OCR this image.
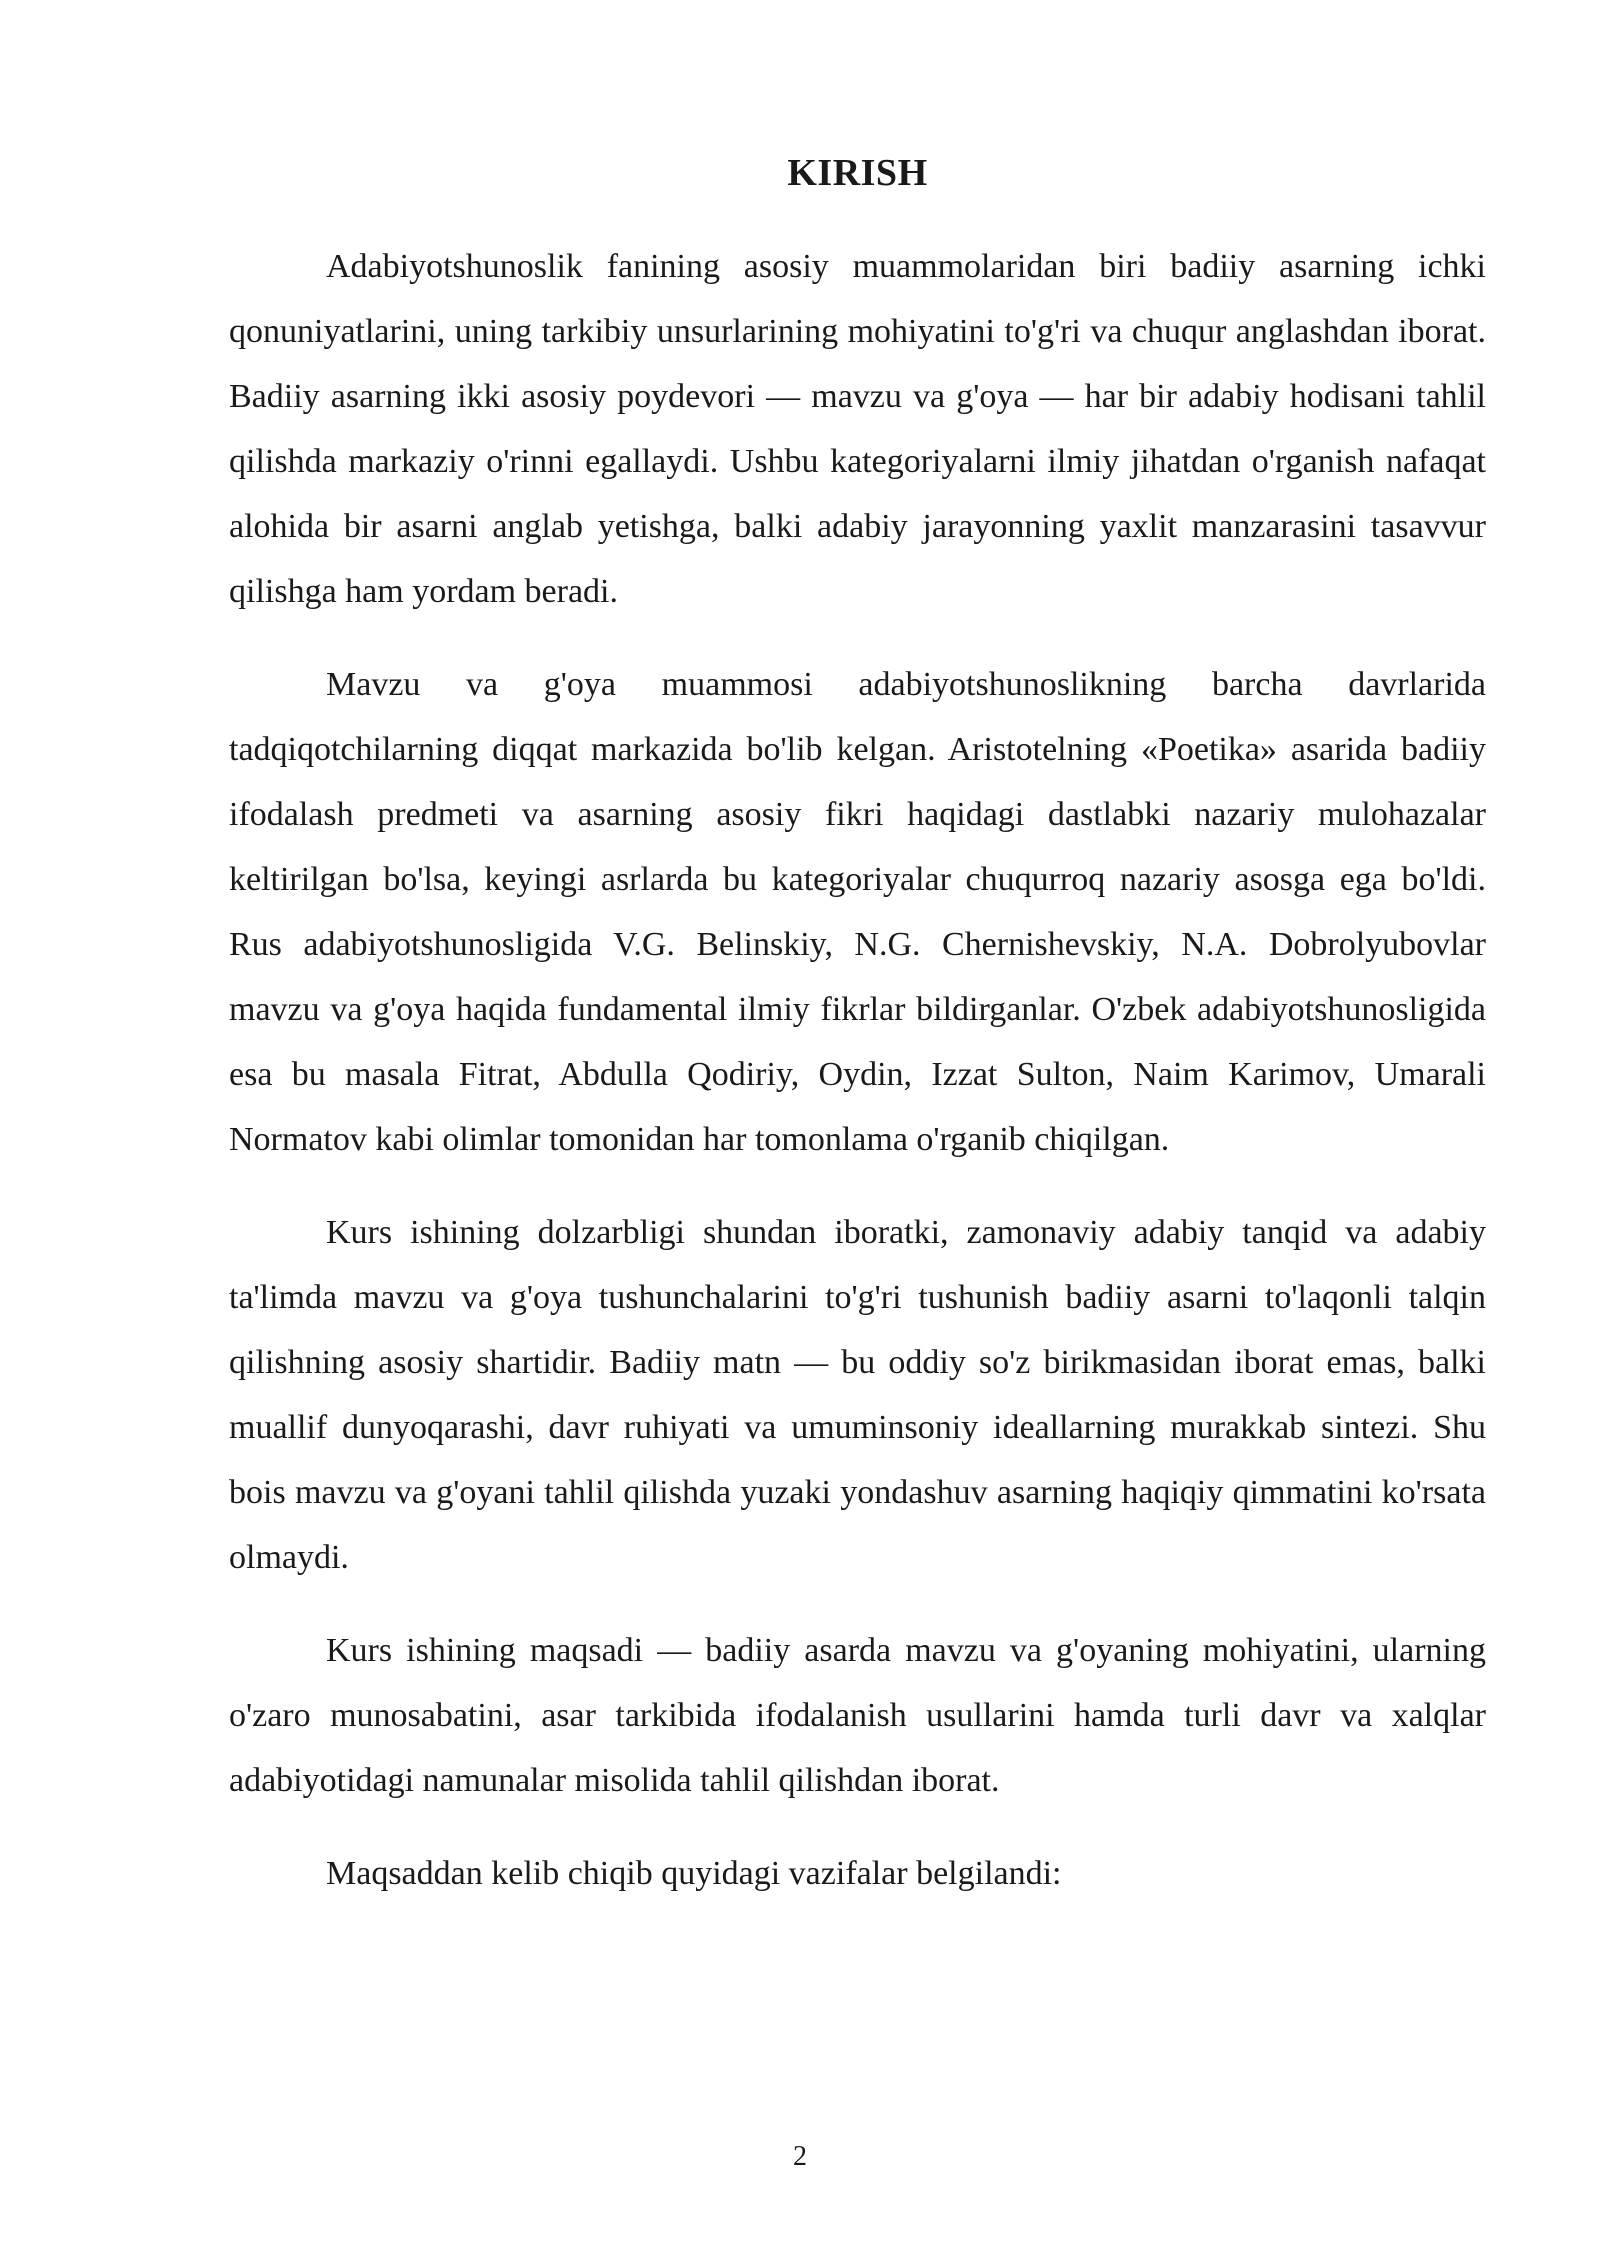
KIRISH

Adabiyotshunoslik fanining asosiy muammolaridan biri badiiy asarning ichki qonuniyatlarini, uning tarkibiy unsurlarining mohiyatini to'g'ri va chuqur anglashdan iborat. Badiiy asarning ikki asosiy poydevori — mavzu va g'oya — har bir adabiy hodisani tahlil qilishda markaziy o'rinni egallaydi. Ushbu kategoriyalarni ilmiy jihatdan o'rganish nafaqat alohida bir asarni anglab yetishga, balki adabiy jarayonning yaxlit manzarasini tasavvur qilishga ham yordam beradi.

Mavzu va g'oya muammosi adabiyotshunoslikning barcha davrlarida tadqiqotchilarning diqqat markazida bo'lib kelgan. Aristotelning «Poetika» asarida badiiy ifodalash predmeti va asarning asosiy fikri haqidagi dastlabki nazariy mulohazalar keltirilgan bo'lsa, keyingi asrlarda bu kategoriyalar chuqurroq nazariy asosga ega bo'ldi. Rus adabiyotshunosligida V.G. Belinskiy, N.G. Chernishevskiy, N.A. Dobrolyubovlar mavzu va g'oya haqida fundamental ilmiy fikrlar bildirganlar. O'zbek adabiyotshunosligida esa bu masala Fitrat, Abdulla Qodiriy, Oydin, Izzat Sulton, Naim Karimov, Umarali Normatov kabi olimlar tomonidan har tomonlama o'rganib chiqilgan.

Kurs ishining dolzarbligi shundan iboratki, zamonaviy adabiy tanqid va adabiy ta'limda mavzu va g'oya tushunchalarini to'g'ri tushunish badiiy asarni to'laqonli talqin qilishning asosiy shartidir. Badiiy matn — bu oddiy so'z birikmasidan iborat emas, balki muallif dunyoqarashi, davr ruhiyati va umuminsoniy ideallarning murakkab sintezi. Shu bois mavzu va g'oyani tahlil qilishda yuzaki yondashuv asarning haqiqiy qimmatini ko'rsata olmaydi.

Kurs ishining maqsadi — badiiy asarda mavzu va g'oyaning mohiyatini, ularning o'zaro munosabatini, asar tarkibida ifodalanish usullarini hamda turli davr va xalqlar adabiyotidagi namunalar misolida tahlil qilishdan iborat.

Maqsaddan kelib chiqib quyidagi vazifalar belgilandi:

2
